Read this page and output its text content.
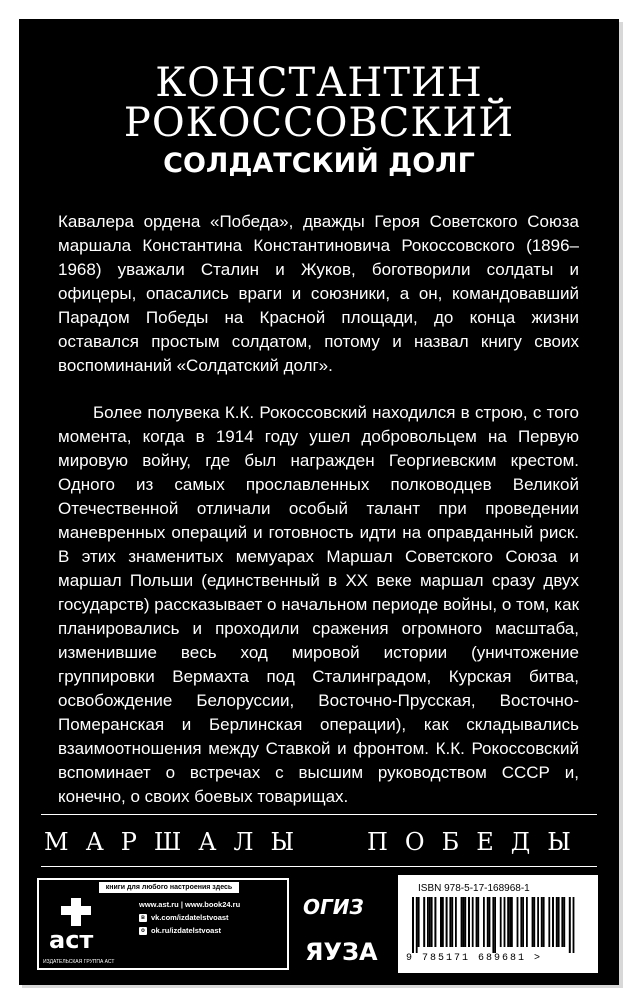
КОНСТАНТИН
РОКОССОВСКИЙ
СОЛДАТСКИЙ ДОЛГ
Кавалера ордена «Победа», дважды Героя Советского Союза маршала Константина Константиновича Рокоссовского (1896–1968) уважали Сталин и Жуков, боготворили солдаты и офицеры, опасались враги и союзники, а он, командовавший Парадом Победы на Красной площади, до конца жизни оставался простым солдатом, потому и назвал книгу своих воспоминаний «Солдатский долг».
Более полувека К.К. Рокоссовский находился в строю, с того момента, когда в 1914 году ушел добровольцем на Первую мировую войну, где был награжден Георгиевским крестом. Одного из самых прославленных полководцев Великой Отечественной отличали особый талант при проведении маневренных операций и готовность идти на оправданный риск. В этих знаменитых мемуарах Маршал Советского Союза и маршал Польши (единственный в XX веке маршал сразу двух государств) рассказывает о начальном периоде войны, о том, как планировались и проходили сражения огромного масштаба, изменившие весь ход мировой истории (уничтожение группировки Вермахта под Сталинградом, Курская битва, освобождение Белоруссии, Восточно-Прусская, Восточно-Померанская и Берлинская операции), как складывались взаимоотношения между Ставкой и фронтом. К.К. Рокоссовский вспоминает о встречах с высшим руководством СССР и, конечно, о своих боевых товарищах.
МАРШАЛЫ ПОБЕДЫ
книги для любого настроения здесь
аст
ИЗДАТЕЛЬСКАЯ ГРУППА АСТ
www.ast.ru | www.book24.ru
в vk.com/izdatelstvoast
о ok.ru/izdatelstvoast
ОГИЗ
ЯУЗА
ISBN 978-5-17-168968-1
9 785171 689681 >
